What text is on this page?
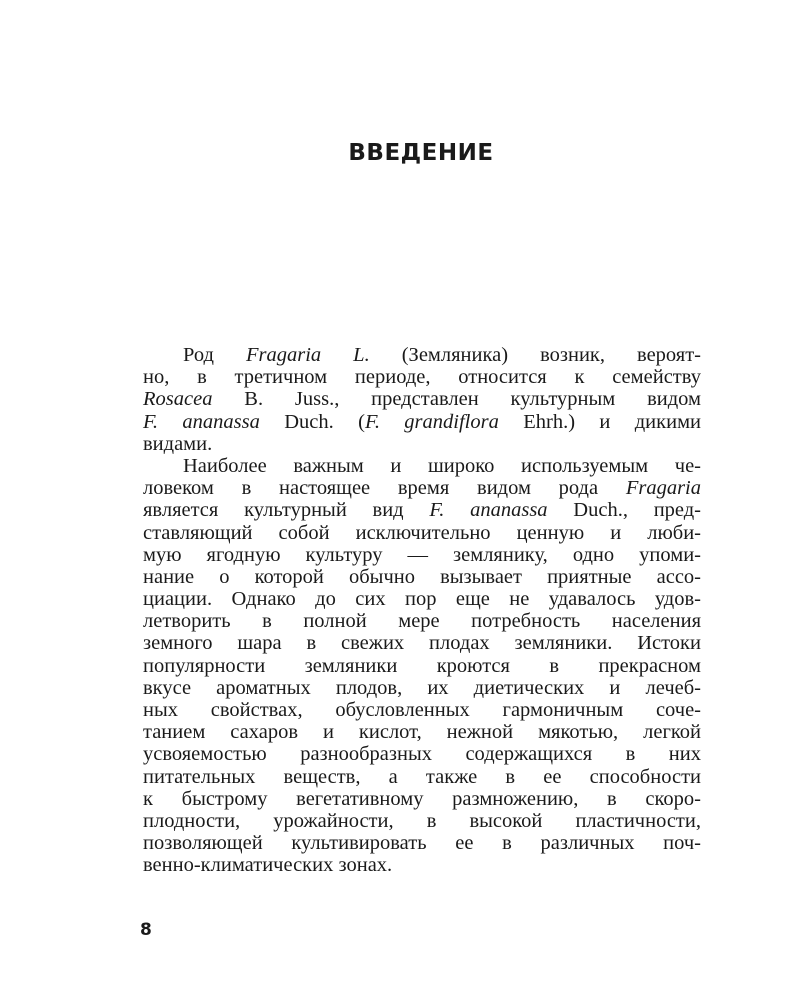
ВВЕДЕНИЕ
Род Fragaria L. (Земляника) возник, вероят-
но, в третичном периоде, относится к семейству
Rosacea B. Juss., представлен культурным видом
F. ananassa Duch. (F. grandiflora Ehrh.) и дикими
видами.
Наиболее важным и широко используемым че-
ловеком в настоящее время видом рода Fragaria
является культурный вид F. ananassa Duch., пред-
ставляющий собой исключительно ценную и люби-
мую ягодную культуру — землянику, одно упоми-
нание о которой обычно вызывает приятные ассо-
циации. Однако до сих пор еще не удавалось удов-
летворить в полной мере потребность населения
земного шара в свежих плодах земляники. Истоки
популярности земляники кроются в прекрасном
вкусе ароматных плодов, их диетических и лечеб-
ных свойствах, обусловленных гармоничным соче-
танием сахаров и кислот, нежной мякотью, легкой
усвояемостью разнообразных содержащихся в них
питательных веществ, а также в ее способности
к быстрому вегетативному размножению, в скоро-
плодности, урожайности, в высокой пластичности,
позволяющей культивировать ее в различных поч-
венно-климатических зонах.
8
